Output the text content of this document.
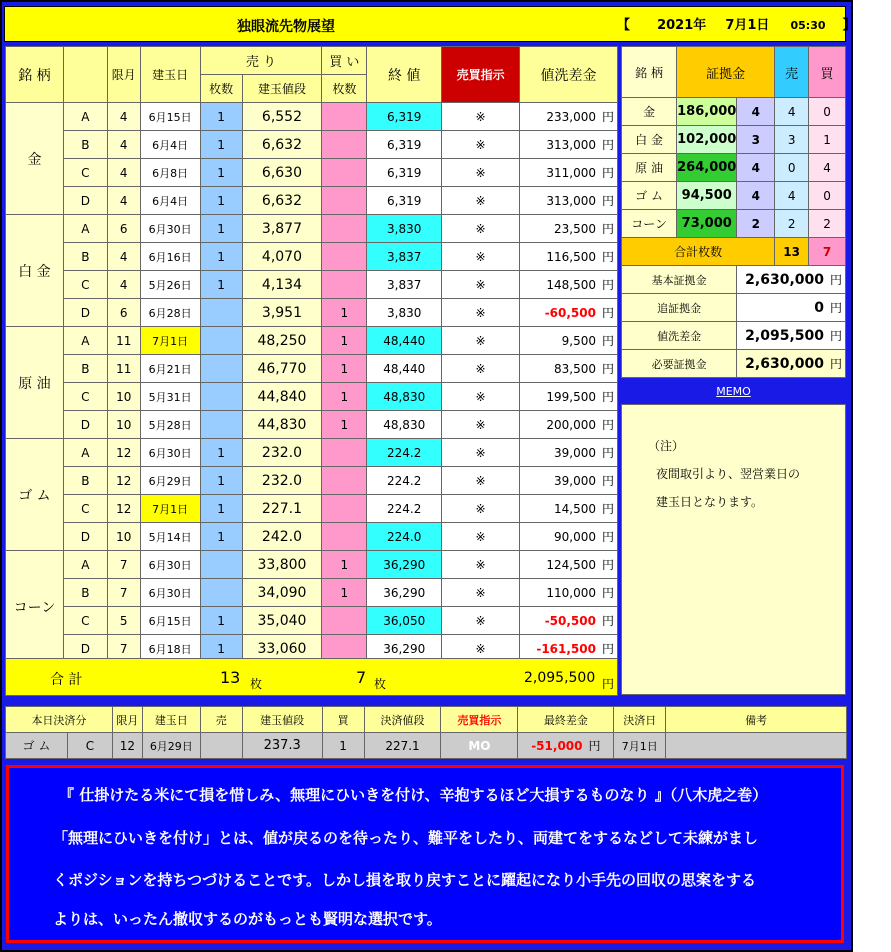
独眼流先物展望	【 2021年 7月1日 05:30 】
銘 柄		限月	建玉日	売 り		買 い	終 値	売買指示	値洗差金
				枚数	建玉値段	枚数			
金	A	4	6月15日	1	6,552		6,319	※	233,000 円
	B	4	6月4日	1	6,632		6,319	※	313,000 円
	C	4	6月8日	1	6,630		6,319	※	311,000 円
	D	4	6月4日	1	6,632		6,319	※	313,000 円
白 金	A	6	6月30日	1	3,877		3,830	※	23,500 円
	B	4	6月16日	1	4,070		3,837	※	116,500 円
	C	4	5月26日	1	4,134		3,837	※	148,500 円
	D	6	6月28日		3,951	1	3,830	※	-60,500 円
原 油	A	11	7月1日		48,250	1	48,440	※	9,500 円
	B	11	6月21日		46,770	1	48,440	※	83,500 円
	C	10	5月31日		44,840	1	48,830	※	199,500 円
	D	10	5月28日		44,830	1	48,830	※	200,000 円
ゴ ム	A	12	6月30日	1	232.0		224.2	※	39,000 円
	B	12	6月29日	1	232.0		224.2	※	39,000 円
	C	12	7月1日	1	227.1		224.2	※	14,500 円
	D	10	5月14日	1	242.0		224.0	※	90,000 円
コーン	A	7	6月30日		33,800	1	36,290	※	124,500 円
	B	7	6月30日		34,090	1	36,290	※	110,000 円
	C	5	6月15日	1	35,040		36,050	※	-50,500 円
	D	7	6月18日	1	33,060		36,290	※	-161,500 円
合 計	13 枚	7 枚	2,095,500 円
銘 柄	証拠金		売	買
金	186,000	4	4	0
白 金	102,000	3	3	1
原 油	264,000	4	0	4
ゴ ム	94,500	4	4	0
コーン	73,000	2	2	2
合計枚数			13	7
基本証拠金		2,630,000 円		
追証拠金		0 円		
値洗差金		2,095,500 円		
必要証拠金		2,630,000 円		
MEMO
（注）
夜間取引より、翌営業日の
建玉日となります。
本日決済分		限月	建玉日	売	建玉値段	買	決済値段	売買指示	最終差金	決済日	備考
ゴ ム	C	12	6月29日		237.3	1	227.1	MO	-51,000 円	7月1日	
『 仕掛けたる米にて損を惜しみ、無理にひいきを付け、辛抱するほど大損するものなり 』（八木虎之巻）
「無理にひいきを付け」とは、値が戻るのを待ったり、難平をしたり、両建てをするなどして未練がまし
くポジションを持ちつづけることです。しかし損を取り戻すことに躍起になり小手先の回収の思案をする
よりは、いったん撤収するのがもっとも賢明な選択です。
